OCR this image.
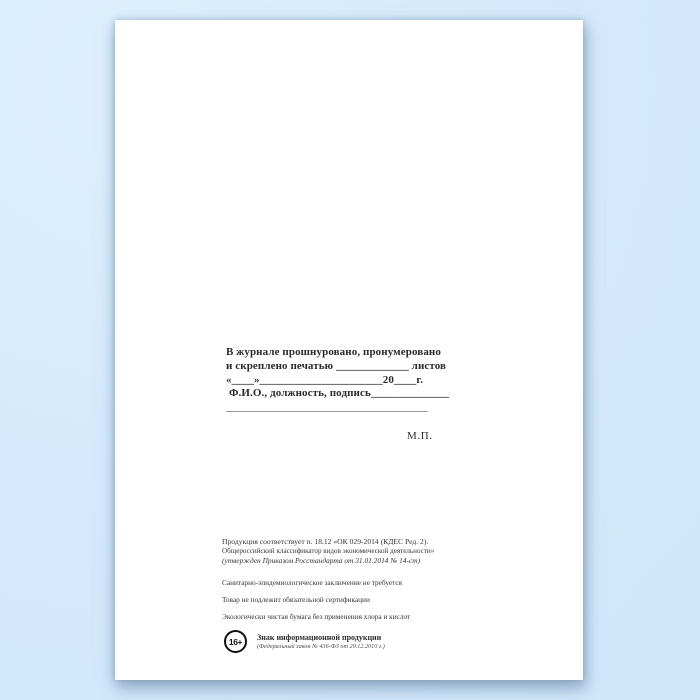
В журнале прошнуровано, пронумеровано
и скреплено печатью _____________ листов
«____»______________________20____г.
Ф.И.О., должность, подпись______________
____________________________________
М.П.
Продукция соответствует п. 18.12 «ОК 029-2014 (КДЕС Ред. 2).
Общероссийский классификатор видов экономической деятельности»
(утвержден Приказом Росстандарта от 31.01.2014 № 14-ст)
Санитарно-эпидемиологическое заключение не требуется
Товар не подлежит обязательной сертификации
Экологически чистая бумага без применения хлора и кислот
16+	Знак информационной продукции
(Федеральный закон № 436-ФЗ от 29.12.2010 г.)
